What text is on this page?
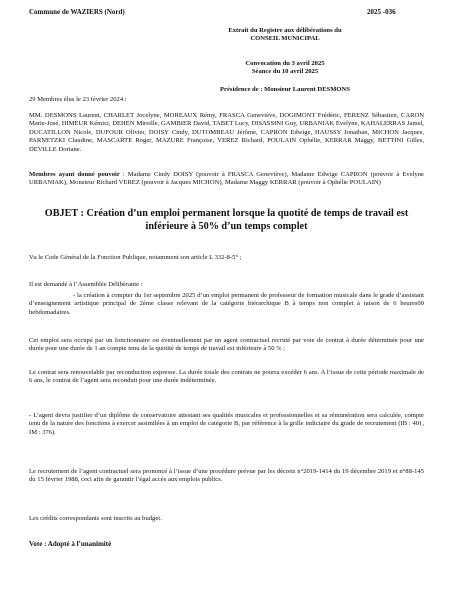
Commune de WAZIERS (Nord)	2025 -036
Extrait du Registre aux délibérations du
CONSEIL MUNICIPAL
Convocation du 3 avril 2025
Séance du 10 avril 2025
Présidence de : Monsieur Laurent DESMONS
29 Membres élus le 23 février 2024 :
MM. DESMONS Laurent, CHARLET Jocelyne, MOREAUX Rémy, FRASCA Geneviève, DOGIMONT Frédéric, FERENZ Sébastien, CARON Marie-José, HIMEUR Kémici, DEHEN Mireille, GAMBIER David, TABET Lucy, DISASSINI Guy, URBANIAK Evelyne, KAHALERRAS Jamel, DUCATILLON Nicole, DUFOUR Olivier, DOISY Cindy, DUTOMBEAU Jérôme, CAPRON Edwige, HAUSSY Jonathan, MICHON Jacques, PARNETZKI Claudine, MASCARTE Roger, MAZURE Françoise, VEREZ Richard, POULAIN Ophélie, KERRAR Maggy, BETTINI Gilles, DEVILLE Doriane.
Membres ayant donné pouvoir : Madame Cindy DOISY (pouvoir à FRASCA Geneviève), Madame Edwige CAPRON (pouvoir à Evelyne URBANIAK), Monsieur Richard VEREZ (pouvoir à Jacques MICHON), Madame Maggy KERRAR (pouvoir à Ophélie POULAIN)
OBJET : Création d’un emploi permanent lorsque la quotité de temps de travail est inférieure à 50% d’un temps complet
Vu le Code Général de la Fonction Publique, notamment son article L 332-8-5° ;
Il est demandé à l’Assemblée Délibérante :
- la création à compter du 1er septembre 2025 d’un emploi permanent de professeur de formation musicale dans le grade d’assistant d’enseignement artistique principal de 2ème classe relevant de la catégorie hiérarchique B à temps non complet à raison de 6 heures00 hebdomadaires.
Cet emploi sera occupé par un fonctionnaire ou éventuellement par un agent contractuel recruté par voie de contrat à durée déterminée pour une durée pour une durée de 1 an compte tenu de la quotité de temps de travail est inférieure à 50 % ;
Le contrat sera renouvelable par reconduction expresse. La durée totale des contrats ne pourra excéder 6 ans. A l’issue de cette période maximale de 6 ans, le contrat de l’agent sera reconduit pour une durée indéterminée.
- L’agent devra justifier d’un diplôme de conservatoire attestant ses qualités musicales et professionnelles et sa rémunération sera calculée, compte tenu de la nature des fonctions à exercer assimilées à un emploi de catégorie B, par référence à la grille indiciaire du grade de recrutement (IB : 401, IM : 376).
Le recrutement de l’agent contractuel sera prononcé à l’issue d’une procédure prévue par les décrets n°2019-1414 du 19 décembre 2019 et n°88-145 du 15 février 1988, ceci afin de garantir l’égal accès aux emplois publics.
Les crédits correspondants sont inscrits au budget.
Vote : Adopté à l’unanimité
